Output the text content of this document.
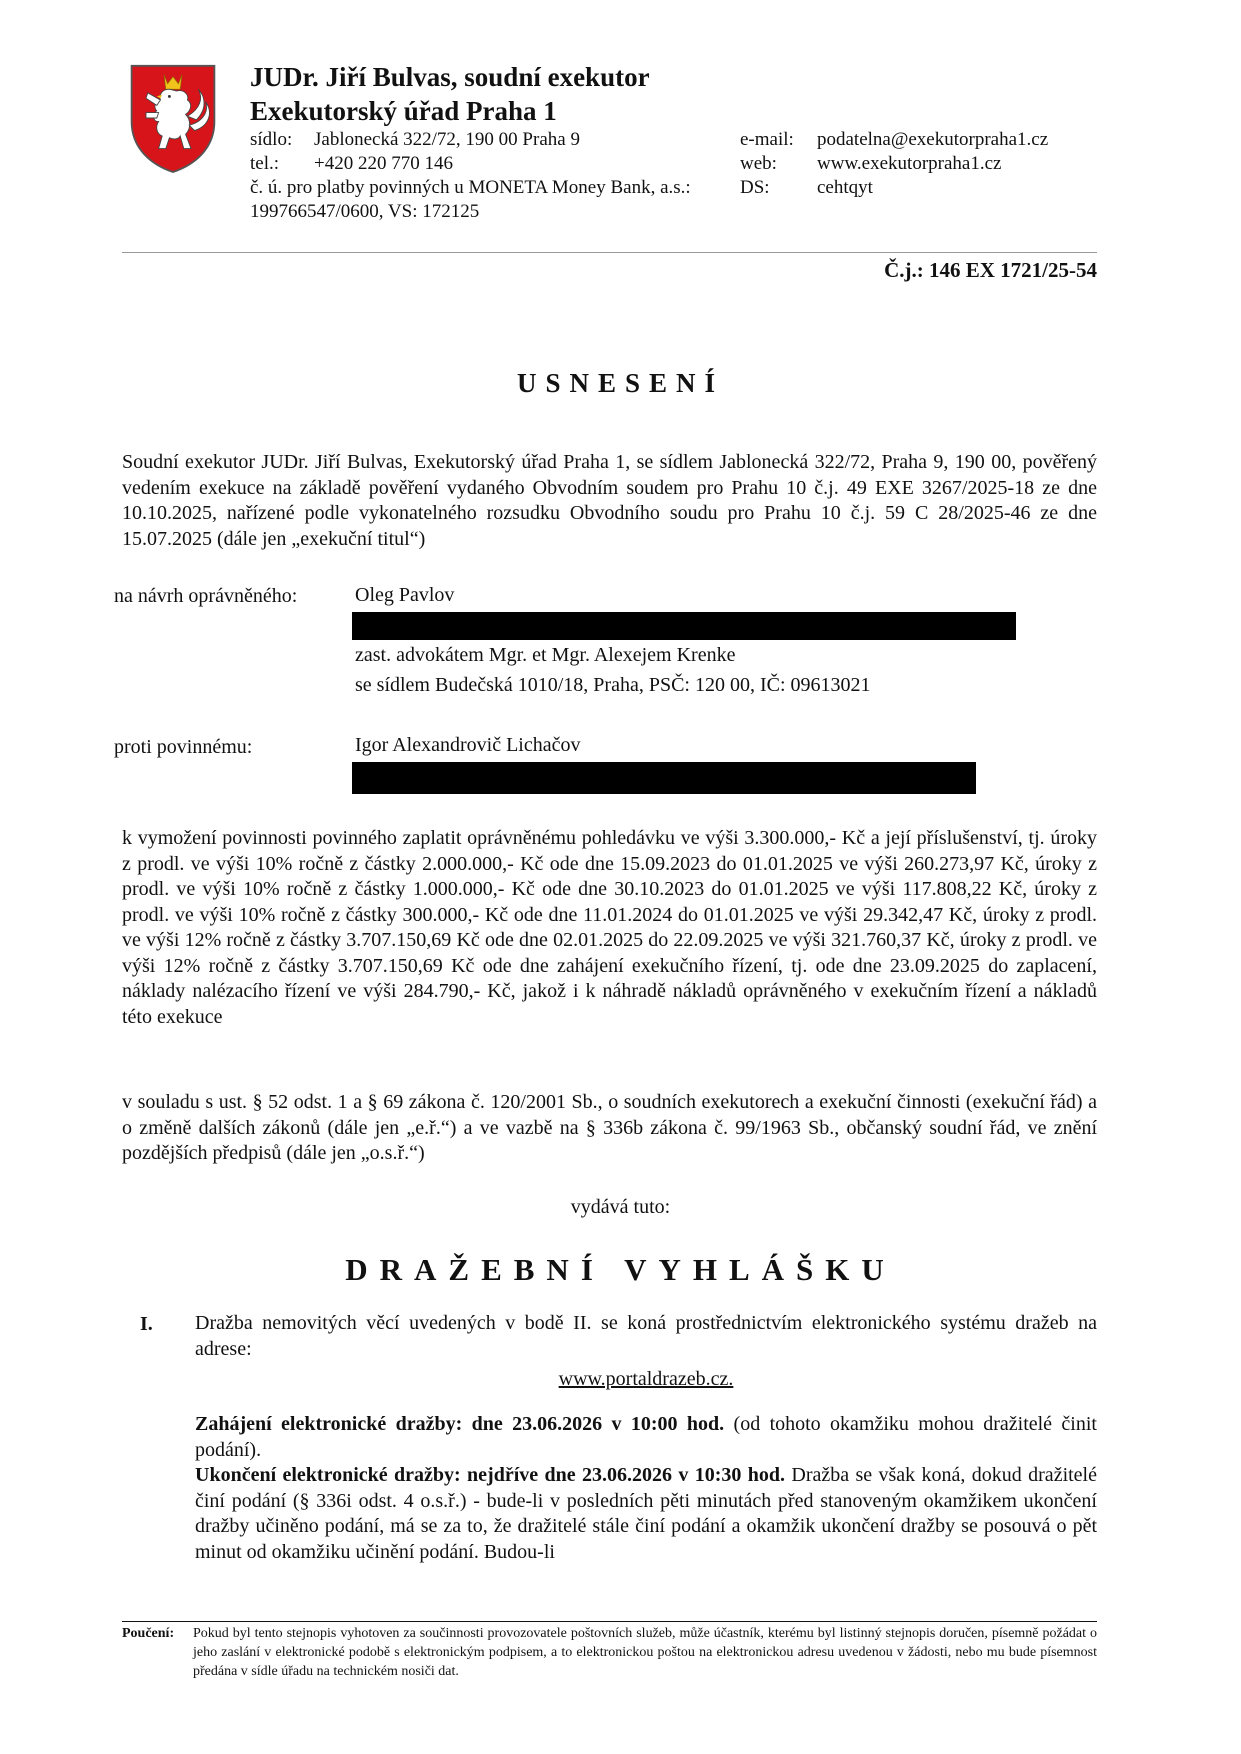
JUDr. Jiří Bulvas, soudní exekutor
Exekutorský úřad Praha 1
sídlo: Jablonecká 322/72, 190 00 Praha 9
tel.: +420 220 770 146
č. ú. pro platby povinných u MONETA Money Bank, a.s.:
199766547/0600, VS: 172125
e-mail: podatelna@exekutorpraha1.cz
web: www.exekutorpraha1.cz
DS: cehtqyt
Č.j.: 146 EX 1721/25-54
USNESENÍ
Soudní exekutor JUDr. Jiří Bulvas, Exekutorský úřad Praha 1, se sídlem Jablonecká 322/72, Praha 9, 190 00, pověřený vedením exekuce na základě pověření vydaného Obvodním soudem pro Prahu 10 č.j. 49 EXE 3267/2025-18 ze dne 10.10.2025, nařízené podle vykonatelného rozsudku Obvodního soudu pro Prahu 10 č.j. 59 C 28/2025-46 ze dne 15.07.2025 (dále jen „exekuční titul“)
na návrh oprávněného:	Oleg Pavlov
zast. advokátem Mgr. et Mgr. Alexejem Krenke
se sídlem Budečská 1010/18, Praha, PSČ: 120 00, IČ: 09613021
proti povinnému:	Igor Alexandrovič Lichačov
k vymožení povinnosti povinného zaplatit oprávněnému pohledávku ve výši 3.300.000,- Kč a její příslušenství, tj. úroky z prodl. ve výši 10% ročně z částky 2.000.000,- Kč ode dne 15.09.2023 do 01.01.2025 ve výši 260.273,97 Kč, úroky z prodl. ve výši 10% ročně z částky 1.000.000,- Kč ode dne 30.10.2023 do 01.01.2025 ve výši 117.808,22 Kč, úroky z prodl. ve výši 10% ročně z částky 300.000,- Kč ode dne 11.01.2024 do 01.01.2025 ve výši 29.342,47 Kč, úroky z prodl. ve výši 12% ročně z částky 3.707.150,69 Kč ode dne 02.01.2025 do 22.09.2025 ve výši 321.760,37 Kč, úroky z prodl. ve výši 12% ročně z částky 3.707.150,69 Kč ode dne zahájení exekučního řízení, tj. ode dne 23.09.2025 do zaplacení, náklady nalézacího řízení ve výši 284.790,- Kč, jakož i k náhradě nákladů oprávněného v exekučním řízení a nákladů této exekuce
v souladu s ust. § 52 odst. 1 a § 69 zákona č. 120/2001 Sb., o soudních exekutorech a exekuční činnosti (exekuční řád) a o změně dalších zákonů (dále jen „e.ř.“) a ve vazbě na § 336b zákona č. 99/1963 Sb., občanský soudní řád, ve znění pozdějších předpisů (dále jen „o.s.ř.“)
vydává tuto:
DRAŽEBNÍ VYHLÁŠKU
I. Dražba nemovitých věcí uvedených v bodě II. se koná prostřednictvím elektronického systému dražeb na adrese:
www.portaldrazeb.cz.
Zahájení elektronické dražby: dne 23.06.2026 v 10:00 hod. (od tohoto okamžiku mohou dražitelé činit podání).
Ukončení elektronické dražby: nejdříve dne 23.06.2026 v 10:30 hod. Dražba se však koná, dokud dražitelé činí podání (§ 336i odst. 4 o.s.ř.) - bude-li v posledních pěti minutách před stanoveným okamžikem ukončení dražby učiněno podání, má se za to, že dražitelé stále činí podání a okamžik ukončení dražby se posouvá o pět minut od okamžiku učinění podání. Budou-li
Poučení: Pokud byl tento stejnopis vyhotoven za součinnosti provozovatele poštovních služeb, může účastník, kterému byl listinný stejnopis doručen, písemně požádat o jeho zaslání v elektronické podobě s elektronickým podpisem, a to elektronickou poštou na elektronickou adresu uvedenou v žádosti, nebo mu bude písemnost předána v sídle úřadu na technickém nosiči dat.
